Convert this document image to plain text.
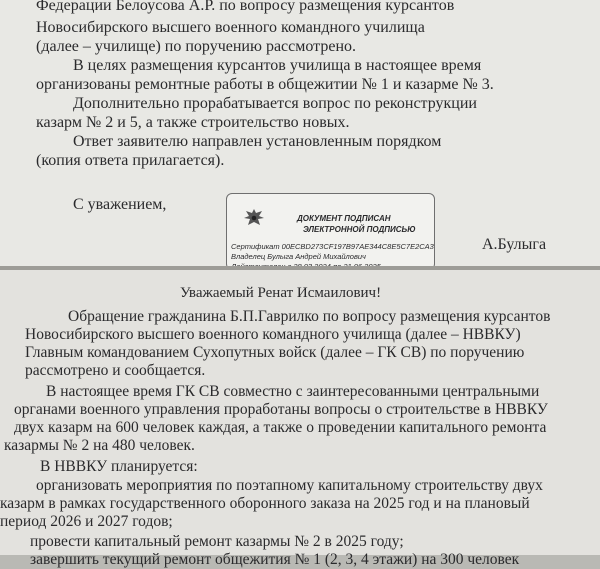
Федерации Белоусова А.Р. по вопросу размещения курсантов
Новосибирского высшего военного командного училища
(далее – училище) по поручению рассмотрено.
В целях размещения курсантов училища в настоящее время
организованы ремонтные работы в общежитии № 1 и казарме № 3.
Дополнительно прорабатывается вопрос по реконструкции
казарм № 2 и 5, а также строительство новых.
Ответ заявителю направлен установленным порядком
(копия ответа прилагается).
С уважением,
А.Булыга
ДОКУМЕНТ ПОДПИСАН
ЭЛЕКТРОННОЙ ПОДПИСЬЮ
Сертификат 00ECBD273CF197B97AE344C8E5C7E2CA3
Владелец Булыга Андрей Михайлович
Уважаемый Ренат Исмаилович!
Обращение гражданина Б.П.Гаврилко по вопросу размещения курсантов
Новосибирского высшего военного командного училища (далее – НВВКУ)
Главным командованием Сухопутных войск (далее – ГК СВ) по поручению
рассмотрено и сообщается.
В настоящее время ГК СВ совместно с заинтересованными центральными
органами военного управления проработаны вопросы о строительстве в НВВКУ
двух казарм на 600 человек каждая, а также о проведении капитального ремонта
казармы № 2 на 480 человек.
В НВВКУ планируется:
организовать мероприятия по поэтапному капитальному строительству двух
казарм в рамках государственного оборонного заказа на 2025 год и на плановый
период 2026 и 2027 годов;
провести капитальный ремонт казармы № 2 в 2025 году;
завершить текущий ремонт общежития № 1 (2, 3, 4 этажи) на 300 человек
